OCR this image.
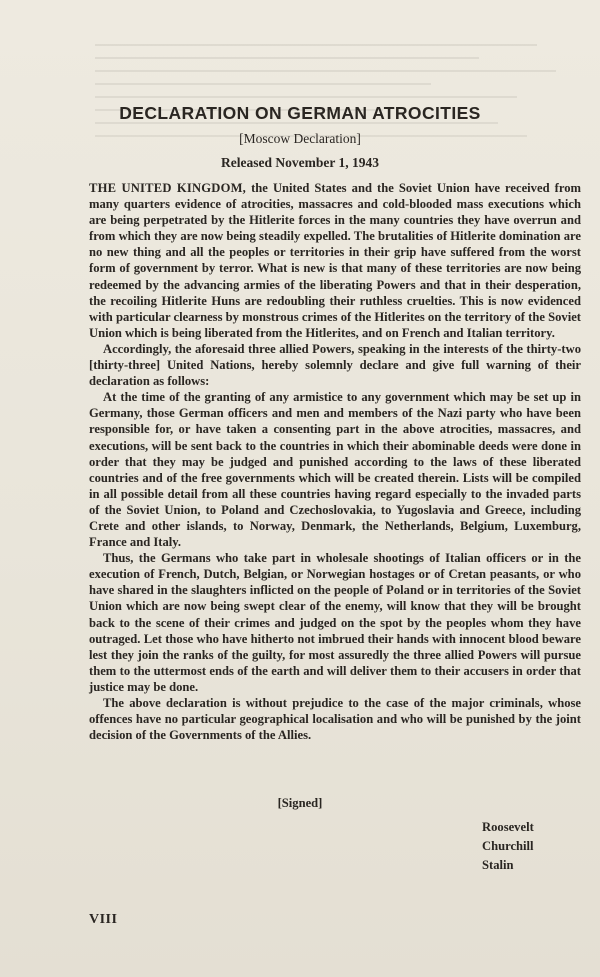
DECLARATION ON GERMAN ATROCITIES
[Moscow Declaration]
Released November 1, 1943

THE UNITED KINGDOM, the United States and the Soviet Union have received from many quarters evidence of atrocities, massacres and cold-blooded mass executions which are being perpetrated by the Hitlerite forces in the many countries they have overrun and from which they are now being steadily expelled. The brutalities of Hitlerite domination are no new thing and all the peoples or territories in their grip have suffered from the worst form of government by terror. What is new is that many of these territories are now being redeemed by the advancing armies of the liberating Powers and that in their desperation, the recoiling Hitlerite Huns are redoubling their ruthless cruelties. This is now evidenced with particular clearness by monstrous crimes of the Hitlerites on the territory of the Soviet Union which is being liberated from the Hitlerites, and on French and Italian territory.

Accordingly, the aforesaid three allied Powers, speaking in the interests of the thirty-two [thirty-three] United Nations, hereby solemnly declare and give full warning of their declaration as follows:

At the time of the granting of any armistice to any government which may be set up in Germany, those German officers and men and members of the Nazi party who have been responsible for, or have taken a consenting part in the above atrocities, massacres, and executions, will be sent back to the countries in which their abominable deeds were done in order that they may be judged and punished according to the laws of these liberated countries and of the free governments which will be created therein. Lists will be compiled in all possible detail from all these countries having regard especially to the invaded parts of the Soviet Union, to Poland and Czechoslovakia, to Yugoslavia and Greece, including Crete and other islands, to Norway, Denmark, the Netherlands, Belgium, Luxemburg, France and Italy.

Thus, the Germans who take part in wholesale shootings of Italian officers or in the execution of French, Dutch, Belgian, or Norwegian hostages or of Cretan peasants, or who have shared in the slaughters inflicted on the people of Poland or in territories of the Soviet Union which are now being swept clear of the enemy, will know that they will be brought back to the scene of their crimes and judged on the spot by the peoples whom they have outraged. Let those who have hitherto not imbrued their hands with innocent blood beware lest they join the ranks of the guilty, for most assuredly the three allied Powers will pursue them to the uttermost ends of the earth and will deliver them to their accusers in order that justice may be done.

The above declaration is without prejudice to the case of the major criminals, whose offences have no particular geographical localisation and who will be punished by the joint decision of the Governments of the Allies.

[Signed]
Roosevelt
Churchill
Stalin
VIII
